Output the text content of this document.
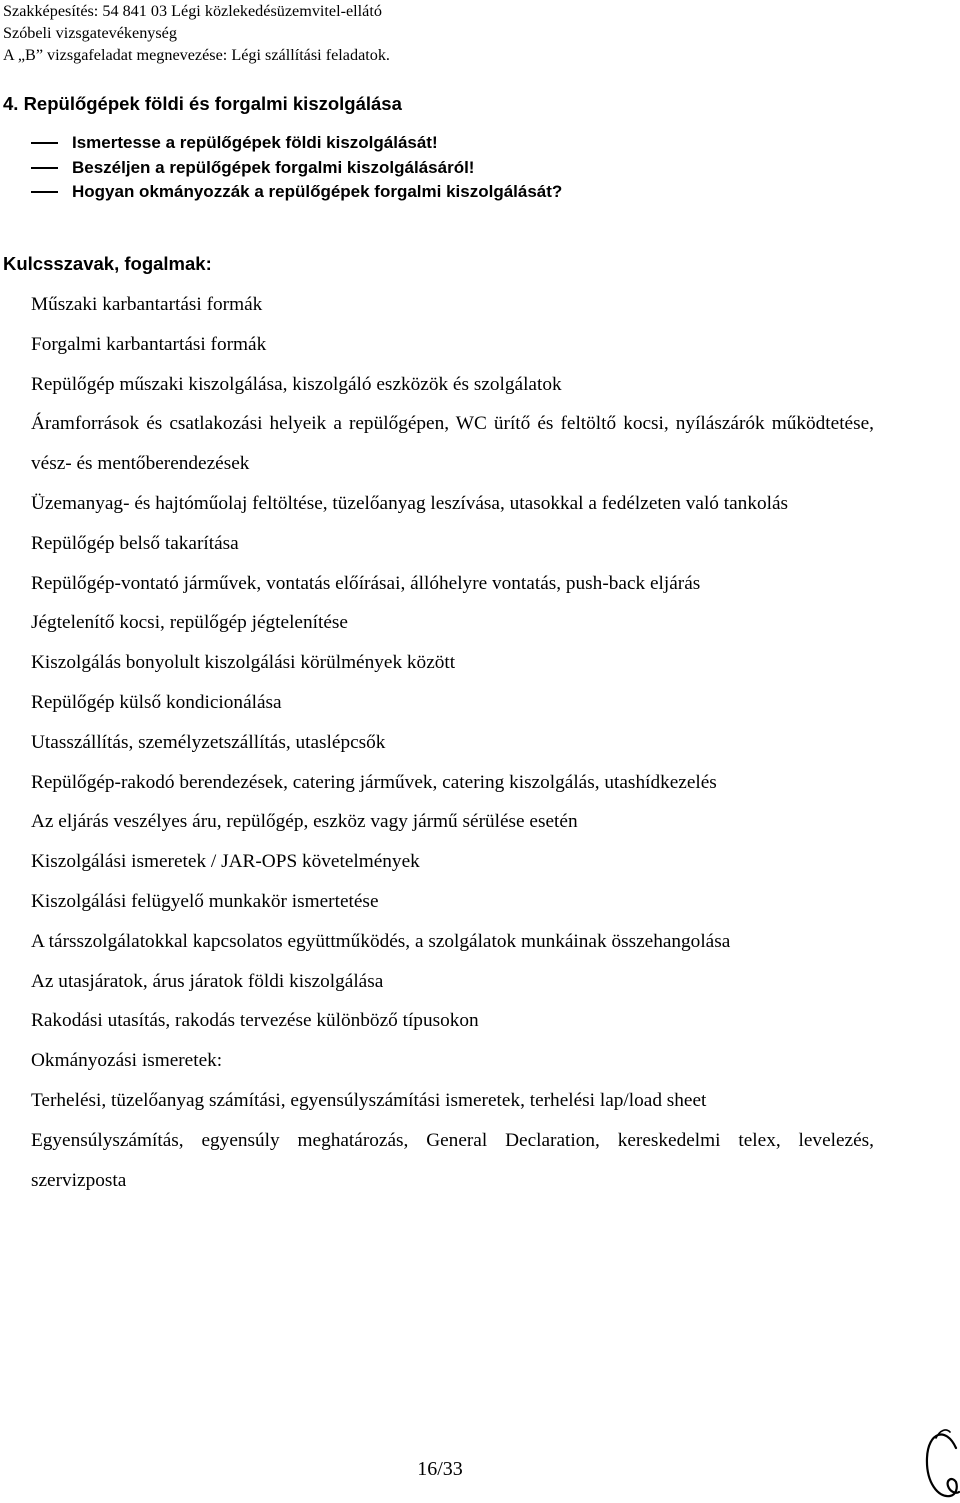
Szakképesítés: 54 841 03 Légi közlekedésüzemvitel-ellátó
Szóbeli vizsgatevékenység
A „B” vizsgafeladat megnevezése: Légi szállítási feladatok.
4. Repülőgépek földi és forgalmi kiszolgálása
Ismertesse a repülőgépek földi kiszolgálását!
Beszéljen a repülőgépek forgalmi kiszolgálásáról!
Hogyan okmányozzák a repülőgépek forgalmi kiszolgálását?
Kulcsszavak, fogalmak:

Műszaki karbantartási formák

Forgalmi karbantartási formák

Repülőgép műszaki kiszolgálása, kiszolgáló eszközök és szolgálatok

Áramforrások és csatlakozási helyeik a repülőgépen, WC ürítő és feltöltő kocsi, nyílászárók működtetése, vész- és mentőberendezések

Üzemanyag- és hajtóműolaj feltöltése, tüzelőanyag leszívása, utasokkal a fedélzeten való tankolás

Repülőgép belső takarítása

Repülőgép-vontató járművek, vontatás előírásai, állóhelyre vontatás, push-back eljárás

Jégtelenítő kocsi, repülőgép jégtelenítése

Kiszolgálás bonyolult kiszolgálási körülmények között

Repülőgép külső kondicionálása

Utasszállítás, személyzetszállítás, utaslépcsők

Repülőgép-rakodó berendezések, catering járművek, catering kiszolgálás, utashídkezelés

Az eljárás veszélyes áru, repülőgép, eszköz vagy jármű sérülése esetén

Kiszolgálási ismeretek / JAR-OPS követelmények

Kiszolgálási felügyelő munkakör ismertetése

A társszolgálatokkal kapcsolatos együttműködés, a szolgálatok munkáinak összehangolása

Az utasjáratok, árus járatok földi kiszolgálása

Rakodási utasítás, rakodás tervezése különböző típusokon

Okmányozási ismeretek:

Terhelési, tüzelőanyag számítási, egyensúlyszámítási ismeretek, terhelési lap/load sheet

Egyensúlyszámítás, egyensúly meghatározás, General Declaration, kereskedelmi telex, levelezés, szervizposta

16/33
